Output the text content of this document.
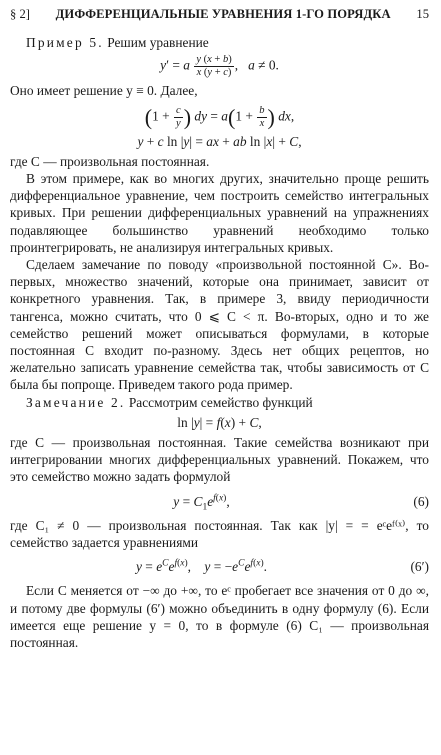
§ 2] ДИФФЕРЕНЦИАЛЬНЫЕ УРАВНЕНИЯ 1-ГО ПОРЯДКА 15

Пример 5. Решим уравнение

y′ = a $\frac{y (x + b)}{x (y + c)}$ ,   a ≠ 0.

Оно имеет решение y ≡ 0. Далее,

($1 + \frac{c}{y}$ ) dy = $a(1 + \frac{b}{x}$ ) dx,
y + c ln |y| = ax + ab ln |x| + C,

где C — произвольная постоянная.

В этом примере, как во многих других, значительно проще решить дифференциальное уравнение, чем построить семейство интегральных кривых. При решении дифференциальных уравнений на упражнениях подавляющее большинство уравнений необходимо только проинтегрировать, не анализируя интегральных кривых.

Сделаем замечание по поводу «произвольной постоянной C». Во-первых, множество значений, которые она принимает, зависит от конкретного уравнения. Так, в примере 3, ввиду периодичности тангенса, можно считать, что 0 ⩽ C < π. Во-вторых, одно и то же семейство решений может описываться формулами, в которые постоянная C входит по-разному. Здесь нет общих рецептов, но желательно записать уравнение семейства так, чтобы зависимость от C была бы попроще. Приведем такого рода пример.

Замечание 2. Рассмотрим семейство функций

ln |y| = f(x) + C,

где C — произвольная постоянная. Такие семейства возникают при интегрировании многих дифференциальных уравнений. Покажем, что это семейство можно задать формулой

$y = C_1e^{f(x)}$,	(6)

где C₁ ≠ 0 — произвольная постоянная. Так как |y| = = eᶜeᶠ⁽ˣ⁾, то семейство задается уравнениями

$y = e^Ce^{f(x)}$,    $y = -e^Ce^{f(x)}$.	(6′)

Если C меняется от −∞ до +∞, то eᶜ пробегает все значения от 0 до ∞, и потому две формулы (6′) можно объединить в одну формулу (6). Если имеется еще решение y = 0, то в формуле (6) C₁ — произвольная постоянная.
